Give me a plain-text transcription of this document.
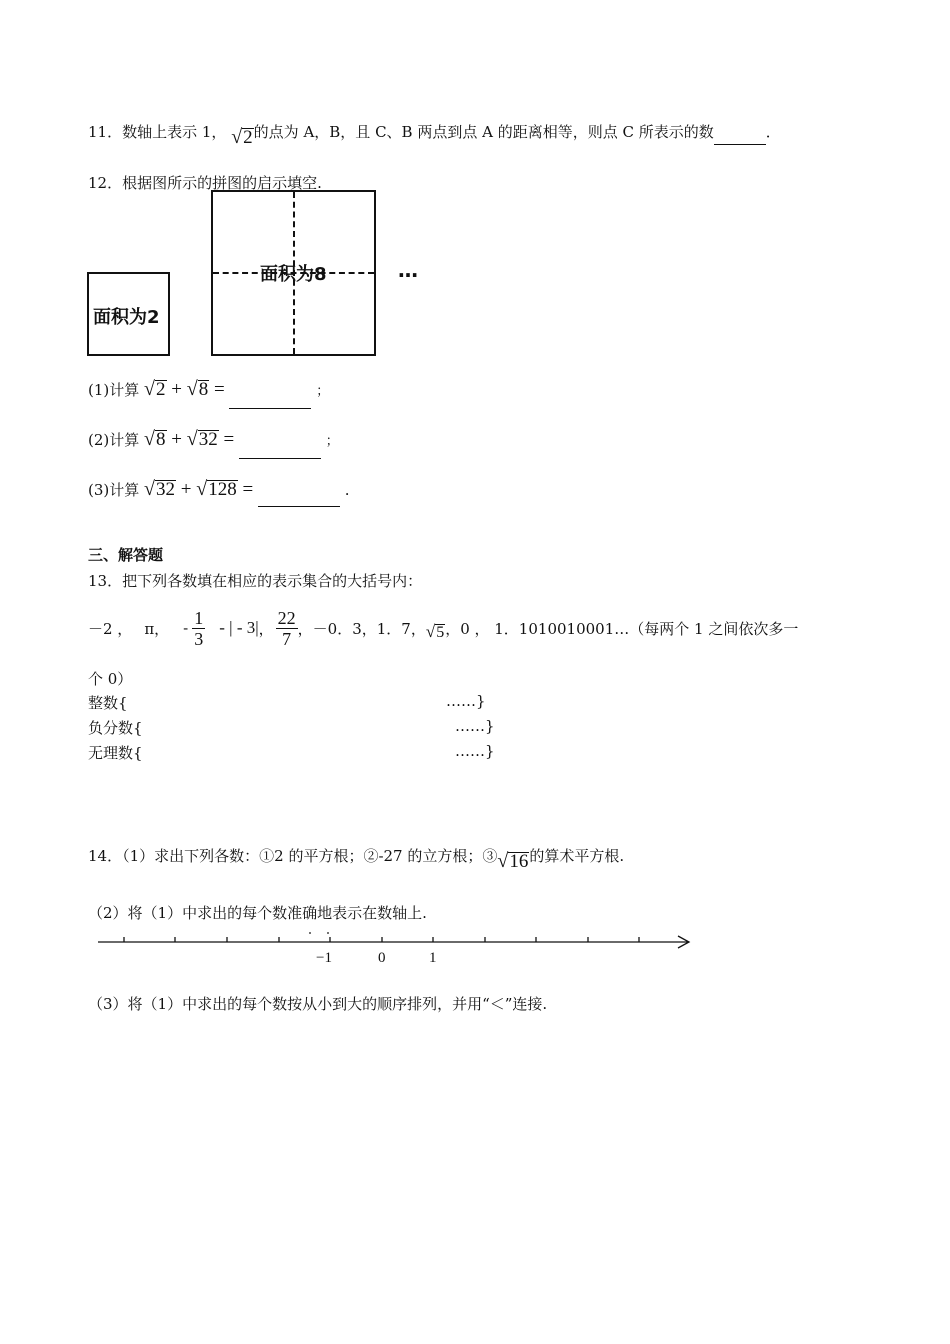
11．数轴上表示 1， √2的点为 A，B，且 C、B 两点到点 A 的距离相等，则点 C 所表示的数	．
12．根据图所示的拼图的启示填空.
面积为2
面积为8	…
(1)计算 √2 + √8 =	；
(2)计算 √8 + √32 =	；
(3)计算 √32 + √128 =	.
三、解答题
13．把下列各数填在相应的表示集合的大括号内：
－2 ， π， - $\frac{1}{3}$ - | - 3| ， $\frac{22}{7}$ ，－0．3，1．7， √5 ，0 ， 1．1010010001…（每两个 1 之间依次多一
个 0）
整数{	……}
负分数{	……}
无理数{	……}
14．（1）求出下列各数：①2 的平方根；②-27 的立方根；③√16的算术平方根.
（2）将（1）中求出的每个数准确地表示在数轴上.
−1	0	1
（3）将（1）中求出的每个数按从小到大的顺序排列，并用“＜”连接.
